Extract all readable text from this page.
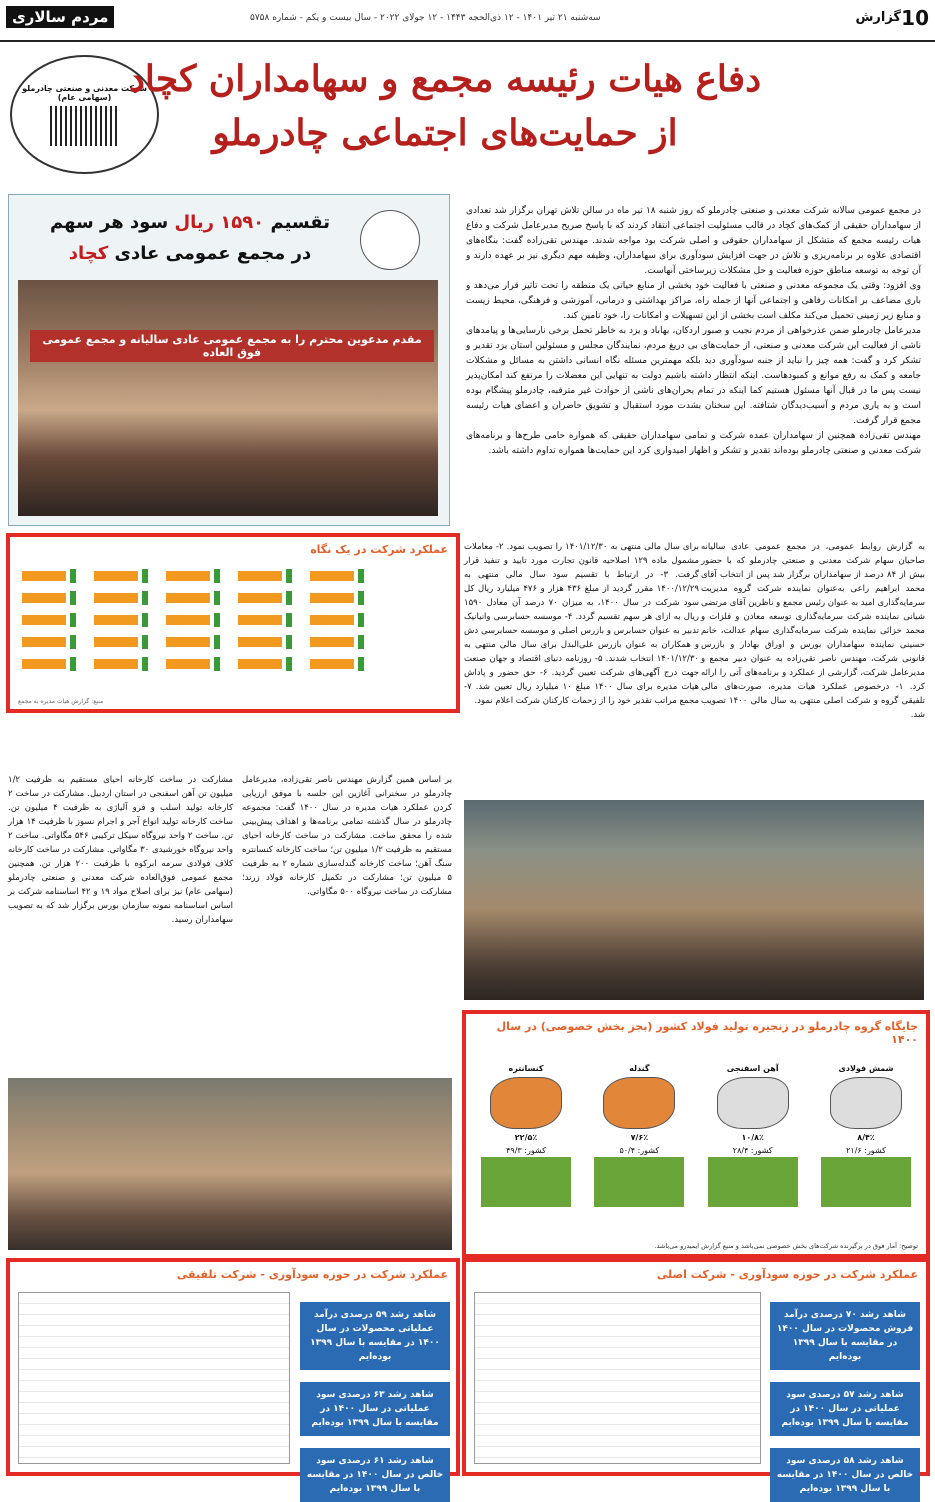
10
گزارش
سه‌شنبه ۲۱ تیر ۱۴۰۱ - ۱۲ ذی‌الحجه ۱۴۴۳ - ۱۲ جولای ۲۰۲۲ - سال بیست و یکم - شماره ۵۷۵۸
مردم سالاری
شرکت معدنی و صنعتی چادرملو
(سهامی عام) دفاع هیات رئیسه مجمع و سهامداران کچاد
از حمایت‌های اجتماعی چادرملو

در مجمع عمومی سالانه شرکت معدنی و صنعتی چادرملو که روز شنبه ۱۸ تیر ماه در سالن تلاش تهران برگزار شد تعدادی از سهامداران حقیقی از کمک‌های کچاد در قالب مسئولیت اجتماعی انتقاد کردند که با پاسخ صریح مدیرعامل شرکت و دفاع هیات رئیسه مجمع که متشکل از سهامداران حقوقی و اصلی شرکت بود مواجه شدند. مهندس تقی‌زاده گفت: بنگاه‌های اقتصادی علاوه بر برنامه‌ریزی و تلاش در جهت افزایش سودآوری برای سهامداران، وظیفه مهم دیگری نیز بر عهده دارند و آن توجه به توسعه مناطق حوزه فعالیت و حل مشکلات زیرساختی آنهاست.

وی افزود: وقتی یک مجموعه معدنی و صنعتی با فعالیت خود بخشی از منابع حیاتی یک منطقه را تحت تاثیر قرار می‌دهد و باری مضاعف بر امکانات رفاهی و اجتماعی آنها از جمله راه، مراکز بهداشتی و درمانی، آموزشی و فرهنگی، محیط زیست و منابع زیر زمینی تحمیل می‌کند مکلف است بخشی از این تسهیلات و امکانات را، خود تامین کند.

مدیرعامل چادرملو ضمن عذرخواهی از مردم نجیب و صبور اردکان، بهاباد و یزد به خاطر تحمل برخی نارسایی‌ها و پیامدهای ناشی از فعالیت این شرکت معدنی و صنعتی، از حمایت‌های بی دریغ مردم، نمایندگان مجلس و مسئولین استان یزد تقدیر و تشکر کرد و گفت: همه چیز را نباید از جنبه سودآوری دید بلکه مهمترین مسئله نگاه انسانی داشتن به مسائل و مشکلات جامعه و کمک به رفع موانع و کمبودهاست. اینکه انتظار داشته باشیم دولت به تنهایی این معضلات را مرتفع کند امکان‌پذیر نیست پس ما در قبال آنها مسئول هستیم کما اینکه در تمام بحران‌های ناشی از حوادث غیر مترقبه، چادرملو پیشگام بوده است و به یاری مردم و آسیب‌دیدگان شتافته. این سخنان بشدت مورد استقبال و تشویق حاضران و اعضای هیات رئیسه مجمع قرار گرفت.

مهندس تقی‌زاده همچنین از سهامداران عمده شرکت و تمامی سهامداران حقیقی که همواره حامی طرح‌ها و برنامه‌های شرکت معدنی و صنعتی چادرملو بوده‌اند تقدیر و تشکر و اظهار امیدواری کرد این حمایت‌ها همواره تداوم داشته باشد.

تقسیم ۱۵۹۰ ریال سود هر سهم
در مجمع عمومی عادی کچاد
مقدم مدعوین محترم را به مجمع عمومی عادی سالیانه و مجمع عمومی فوق العاده
عملکرد شرکت در یک نگاه
منبع: گزارش هیات مدیره به مجمع
به گزارش روابط عمومی، در مجمع عمومی عادی سالیانه صاحبان سهام شرکت معدنی و صنعتی چادرملو که با حضور بیش از ۸۴ درصد از سهامداران برگزار شد پس از انتخاب آقای محمد ابراهیم راعی به‌عنوان نماینده شرکت گروه مدیریت سرمایه‌گذاری امید به عنوان رئیس مجمع و ناظرین آقای مرتضی شیانی نماینده شرکت سرمایه‌گذاری توسعه معادن و فلزات و محمد خزائی نماینده شرکت سرمایه‌گذاری سهام عدالت، خانم حسینی نماینده سهامداران بورس و اوراق بهادار و بازرس قانونی شرکت، مهندس ناصر تقی‌زاده به عنوان دبیر مجمع و مدیرعامل شرکت، گزارشی از عملکرد و برنامه‌های آتی را ارائه کرد. ۱- درخصوص عملکرد هیات مدیره، صورت‌های مالی تلفیقی گروه و شرکت اصلی منتهی به سال مالی ۱۴۰۰ تصویب شد.
برای سال مالی منتهی به ۱۴۰۱/۱۲/۳۰ را تصویب نمود. ۲- معاملات مشمول ماده ۱۲۹ اصلاحیه قانون تجارت مورد تایید و تنفیذ قرار گرفت. ۳- در ارتباط با تقسیم سود سال مالی منتهی به ۱۴۰۰/۱۲/۲۹ مقرر گردید از مبلغ ۴۳۶ هزار و ۴۷۶ میلیارد ریال کل سود شرکت در سال ۱۴۰۰، به میزان ۷۰ درصد آن معادل ۱۵۹۰ ریال به ازای هر سهم تقسیم گردد. ۴- موسسه حسابرسی وانیانیک تدبیر به عنوان حسابرس و بازرس اصلی و موسسه حسابرسی دش و همکاران به عنوان بازرس علی‌البدل برای سال مالی منتهی به ۱۴۰۱/۱۲/۳۰ انتخاب شدند. ۵- روزنامه دنیای اقتصاد و جهان صنعت جهت درج آگهی‌های شرکت تعیین گردید. ۶- حق حضور و پاداش هیات مدیره برای سال ۱۴۰۰ مبلغ ۱۰ میلیارد ریال تعیین شد. ۷- مجمع مراتب تقدیر خود را از زحمات کارکنان شرکت اعلام نمود.
بر اساس همین گزارش مهندس ناصر تقی‌زاده، مدیرعامل چادرملو در سخنرانی آغازین این جلسه با موفق ارزیابی کردن عملکرد هیات مدیره در سال ۱۴۰۰ گفت: مجموعه چادرملو در سال گذشته تمامی برنامه‌ها و اهداف پیش‌بینی شده را محقق ساخت. مشارکت در ساخت کارخانه احیای مستقیم به ظرفیت ۱/۲ میلیون تن؛ ساخت کارخانه کنسانتره سنگ آهن؛ ساخت کارخانه گندله‌سازی شماره ۲ به ظرفیت ۵ میلیون تن؛ مشارکت در تکمیل کارخانه فولاد زرند؛ مشارکت در ساخت نیروگاه ۵۰۰ مگاواتی.
مشارکت در ساخت کارخانه احیای مستقیم به ظرفیت ۱/۲ میلیون تن آهن اسفنجی در استان اردبیل. مشارکت در ساخت ۲ کارخانه تولید اسلب و فرو آلیاژی به ظرفیت ۴ میلیون تن. ساخت کارخانه تولید انواع آجر و اجرام نسوز با ظرفیت ۱۴ هزار تن. ساخت ۲ واحد نیروگاه سیکل ترکیبی ۵۴۶ مگاواتی. ساخت ۲ واحد نیروگاه خورشیدی ۳۰ مگاواتی. مشارکت در ساخت کارخانه کلاف فولادی سرمه ابرکوه با ظرفیت ۲۰۰ هزار تن. همچنین مجمع عمومی فوق‌العاده شرکت معدنی و صنعتی چادرملو (سهامی عام) نیز برای اصلاح مواد ۱۹ و ۴۲ اساسنامه شرکت بر اساس اساسنامه نمونه سازمان بورس برگزار شد که به تصویب سهامداران رسید.
جایگاه گروه چادرملو در زنجیره تولید فولاد کشور (بجز بخش خصوصی) در سال ۱۴۰۰
کنسانتره
۲۲/۵٪
کشور: ۴۹/۳
گندله
۷/۶٪
کشور: ۵۰/۴
آهن اسفنجی
۱۰/۸٪
کشور: ۲۸/۴
شمش فولادی
۸/۴٪
کشور: ۲۱/۶
توضیح: آمار فوق در برگیرنده شرکت‌های بخش خصوصی نمی‌باشد و منبع گزارش ایمیدرو می‌باشد.
عملکرد شرکت در حوزه سودآوری - شرکت اصلی
شاهد رشد ۷۰ درصدی درآمد فروش محصولات در سال ۱۴۰۰ در مقایسه با سال ۱۳۹۹ بوده‌ایم
شاهد رشد ۵۷ درصدی سود عملیاتی در سال ۱۴۰۰ در مقایسه با سال ۱۳۹۹ بوده‌ایم
شاهد رشد ۵۸ درصدی سود خالص در سال ۱۴۰۰ در مقایسه با سال ۱۳۹۹ بوده‌ایم
عملکرد شرکت در حوزه سودآوری - شرکت تلفیقی
شاهد رشد ۵۹ درصدی درآمد عملیاتی محصولات در سال ۱۴۰۰ در مقایسه با سال ۱۳۹۹ بوده‌ایم
شاهد رشد ۶۳ درصدی سود عملیاتی در سال ۱۴۰۰ در مقایسه با سال ۱۳۹۹ بوده‌ایم
شاهد رشد ۶۱ درصدی سود خالص در سال ۱۴۰۰ در مقایسه با سال ۱۳۹۹ بوده‌ایم
